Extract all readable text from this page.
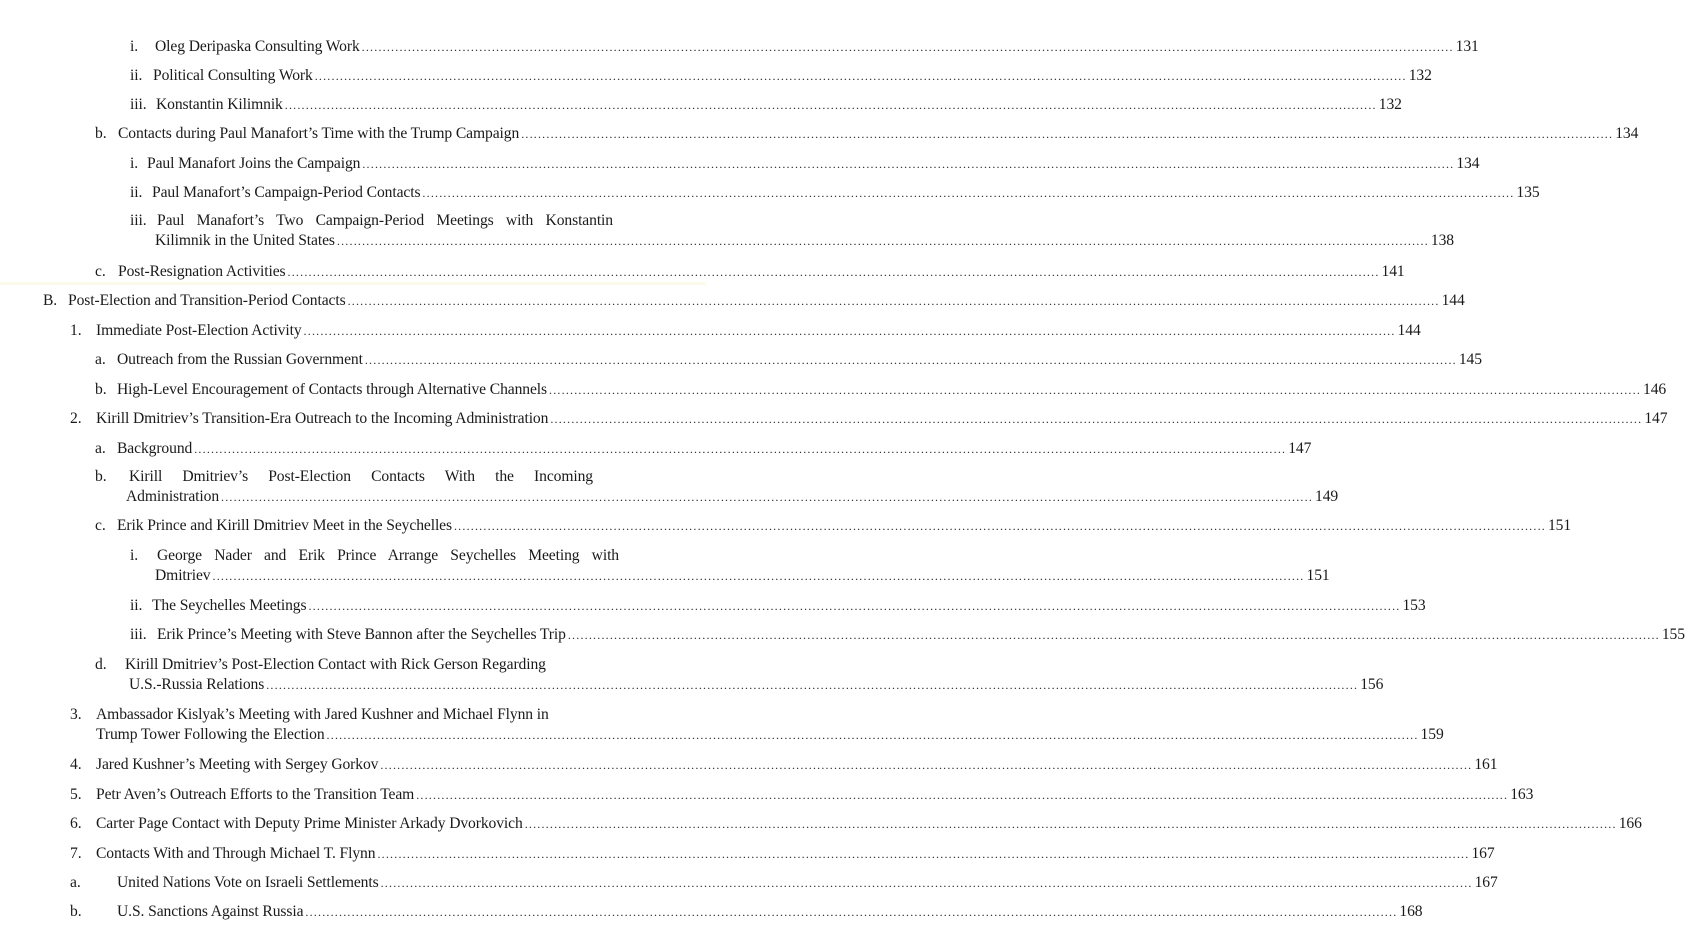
i. Oleg Deripaska Consulting Work .................................................................................................................................................................................................................................................................... 131
ii. Political Consulting Work .................................................................................................................................................................................................................................................................... 132
iii. Konstantin Kilimnik .................................................................................................................................................................................................................................................................... 132
b. Contacts during Paul Manafort’s Time with the Trump Campaign .................................................................................................................................................................................................................................................................... 134
i. Paul Manafort Joins the Campaign .................................................................................................................................................................................................................................................................... 134
ii. Paul Manafort’s Campaign-Period Contacts .................................................................................................................................................................................................................................................................... 135
iii. Paul Manafort’s Two Campaign-Period Meetings with Konstantin
Kilimnik in the United States .................................................................................................................................................................................................................................................................... 138
c. Post-Resignation Activities .................................................................................................................................................................................................................................................................... 141
B. Post-Election and Transition-Period Contacts .................................................................................................................................................................................................................................................................... 144
1. Immediate Post-Election Activity .................................................................................................................................................................................................................................................................... 144
a. Outreach from the Russian Government .................................................................................................................................................................................................................................................................... 145
b. High-Level Encouragement of Contacts through Alternative Channels .................................................................................................................................................................................................................................................................... 146
2. Kirill Dmitriev’s Transition-Era Outreach to the Incoming Administration .................................................................................................................................................................................................................................................................... 147
a. Background .................................................................................................................................................................................................................................................................... 147
b. Kirill Dmitriev’s Post-Election Contacts With the Incoming
Administration .................................................................................................................................................................................................................................................................... 149
c. Erik Prince and Kirill Dmitriev Meet in the Seychelles .................................................................................................................................................................................................................................................................... 151
i. George Nader and Erik Prince Arrange Seychelles Meeting with
Dmitriev .................................................................................................................................................................................................................................................................... 151
ii. The Seychelles Meetings .................................................................................................................................................................................................................................................................... 153
iii. Erik Prince’s Meeting with Steve Bannon after the Seychelles Trip .................................................................................................................................................................................................................................................................... 155
d. Kirill Dmitriev’s Post-Election Contact with Rick Gerson Regarding
U.S.-Russia Relations .................................................................................................................................................................................................................................................................... 156
3. Ambassador Kislyak’s Meeting with Jared Kushner and Michael Flynn in
Trump Tower Following the Election .................................................................................................................................................................................................................................................................... 159
4. Jared Kushner’s Meeting with Sergey Gorkov .................................................................................................................................................................................................................................................................... 161
5. Petr Aven’s Outreach Efforts to the Transition Team .................................................................................................................................................................................................................................................................... 163
6. Carter Page Contact with Deputy Prime Minister Arkady Dvorkovich .................................................................................................................................................................................................................................................................... 166
7. Contacts With and Through Michael T. Flynn .................................................................................................................................................................................................................................................................... 167
a. United Nations Vote on Israeli Settlements .................................................................................................................................................................................................................................................................... 167
b. U.S. Sanctions Against Russia .................................................................................................................................................................................................................................................................... 168
